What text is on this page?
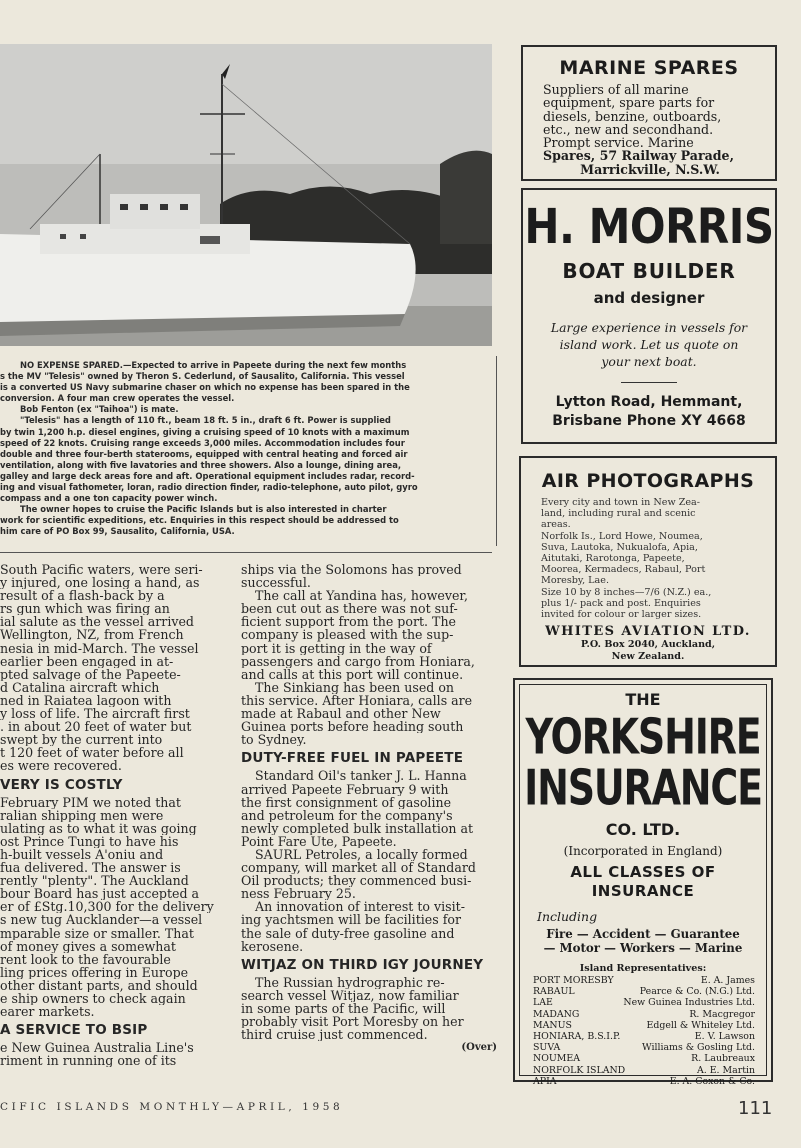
NO EXPENSE SPARED.—Expected to arrive in Papeete during the next few months

s the MV "Telesis" owned by Theron S. Cederlund, of Sausalito, California. This vessel

is a converted US Navy submarine chaser on which no expense has been spared in the

conversion. A four man crew operates the vessel.

Bob Fenton (ex "Taihoa") is mate.

"Telesis" has a length of 110 ft., beam 18 ft. 5 in., draft 6 ft. Power is supplied

by twin 1,200 h.p. diesel engines, giving a cruising speed of 10 knots with a maximum

speed of 22 knots. Cruising range exceeds 3,000 miles. Accommodation includes four

double and three four-berth staterooms, equipped with central heating and forced air

ventilation, along with five lavatories and three showers. Also a lounge, dining area,

galley and large deck areas fore and aft. Operational equipment includes radar, record-

ing and visual fathometer, loran, radio direction finder, radio-telephone, auto pilot, gyro

compass and a one ton capacity power winch.

The owner hopes to cruise the Pacific Islands but is also interested in charter

work for scientific expeditions, etc. Enquiries in this respect should be addressed to

him care of PO Box 99, Sausalito, California, USA.

South Pacific waters, were seri-

y injured, one losing a hand, as

result of a flash-back by a

rs gun which was firing an

ial salute as the vessel arrived

Wellington, NZ, from French

nesia in mid-March. The vessel

earlier been engaged in at-

pted salvage of the Papeete-

d Catalina aircraft which

ned in Raiatea lagoon with

y loss of life. The aircraft first

. in about 20 feet of water but

swept by the current into

t 120 feet of water before all

es were recovered.

VERY IS COSTLY

February PIM we noted that

ralian shipping men were

ulating as to what it was going

ost Prince Tungi to have his

h-built vessels A'oniu and

fua delivered. The answer is

rently "plenty". The Auckland

bour Board has just accepted a

er of £Stg.10,300 for the delivery

s new tug Aucklander—a vessel

mparable size or smaller. That

of money gives a somewhat

rent look to the favourable

ling prices offering in Europe

other distant parts, and should

e ship owners to check again

earer markets.

A SERVICE TO BSIP

e New Guinea Australia Line's

riment in running one of its

ships via the Solomons has proved

successful.

The call at Yandina has, however,

been cut out as there was not suf-

ficient support from the port. The

company is pleased with the sup-

port it is getting in the way of

passengers and cargo from Honiara,

and calls at this port will continue.

The Sinkiang has been used on

this service. After Honiara, calls are

made at Rabaul and other New

Guinea ports before heading south

to Sydney.

DUTY-FREE FUEL IN PAPEETE

Standard Oil's tanker J. L. Hanna

arrived Papeete February 9 with

the first consignment of gasoline

and petroleum for the company's

newly completed bulk installation at

Point Fare Ute, Papeete.

SAURL Petroles, a locally formed

company, will market all of Standard

Oil products; they commenced busi-

ness February 25.

An innovation of interest to visit-

ing yachtsmen will be facilities for

the sale of duty-free gasoline and

kerosene.

WITJAZ ON THIRD IGY JOURNEY

The Russian hydrographic re-

search vessel Witjaz, now familiar

in some parts of the Pacific, will

probably visit Port Moresby on her

third cruise just commenced.

(Over)

MARINE SPARES
Suppliers of all marine
equipment, spare parts for
diesels, benzine, outboards,
etc., new and secondhand.
Prompt service. Marine
Spares, 57 Railway Parade,
Marrickville, N.S.W.
H. MORRIS
BOAT BUILDER
and designer
Large experience in vessels for
island work. Let us quote on
your next boat.
Lytton Road, Hemmant,
Brisbane Phone XY 4668
AIR PHOTOGRAPHS
Every city and town in New Zea-
land, including rural and scenic
areas.
Norfolk Is., Lord Howe, Noumea,
Suva, Lautoka, Nukualofa, Apia,
Aitutaki, Rarotonga, Papeete,
Moorea, Kermadecs, Rabaul, Port
Moresby, Lae.
Size 10 by 8 inches—7/6 (N.Z.) ea.,
plus 1/- pack and post. Enquiries
invited for colour or larger sizes.
WHITES AVIATION LTD.
P.O. Box 2040, Auckland,
New Zealand.
THE
YORKSHIRE
INSURANCE
CO. LTD.
(Incorporated in England)
ALL CLASSES OF
INSURANCE
Including
Fire — Accident — Guarantee
— Motor — Workers — Marine
Island Representatives:
PORT MORESBY	E. A. James
RABAUL	Pearce & Co. (N.G.) Ltd.
LAE	New Guinea Industries Ltd.
MADANG	R. Macgregor
MANUS	Edgell & Whiteley Ltd.
HONIARA, B.S.I.P.	E. V. Lawson
SUVA	Williams & Gosling Ltd.
NOUMEA	R. Laubreaux
NORFOLK ISLAND	A. E. Martin
APIA	E. A. Coxon & Co.
CIFIC ISLANDS MONTHLY—APRIL, 1958	111
